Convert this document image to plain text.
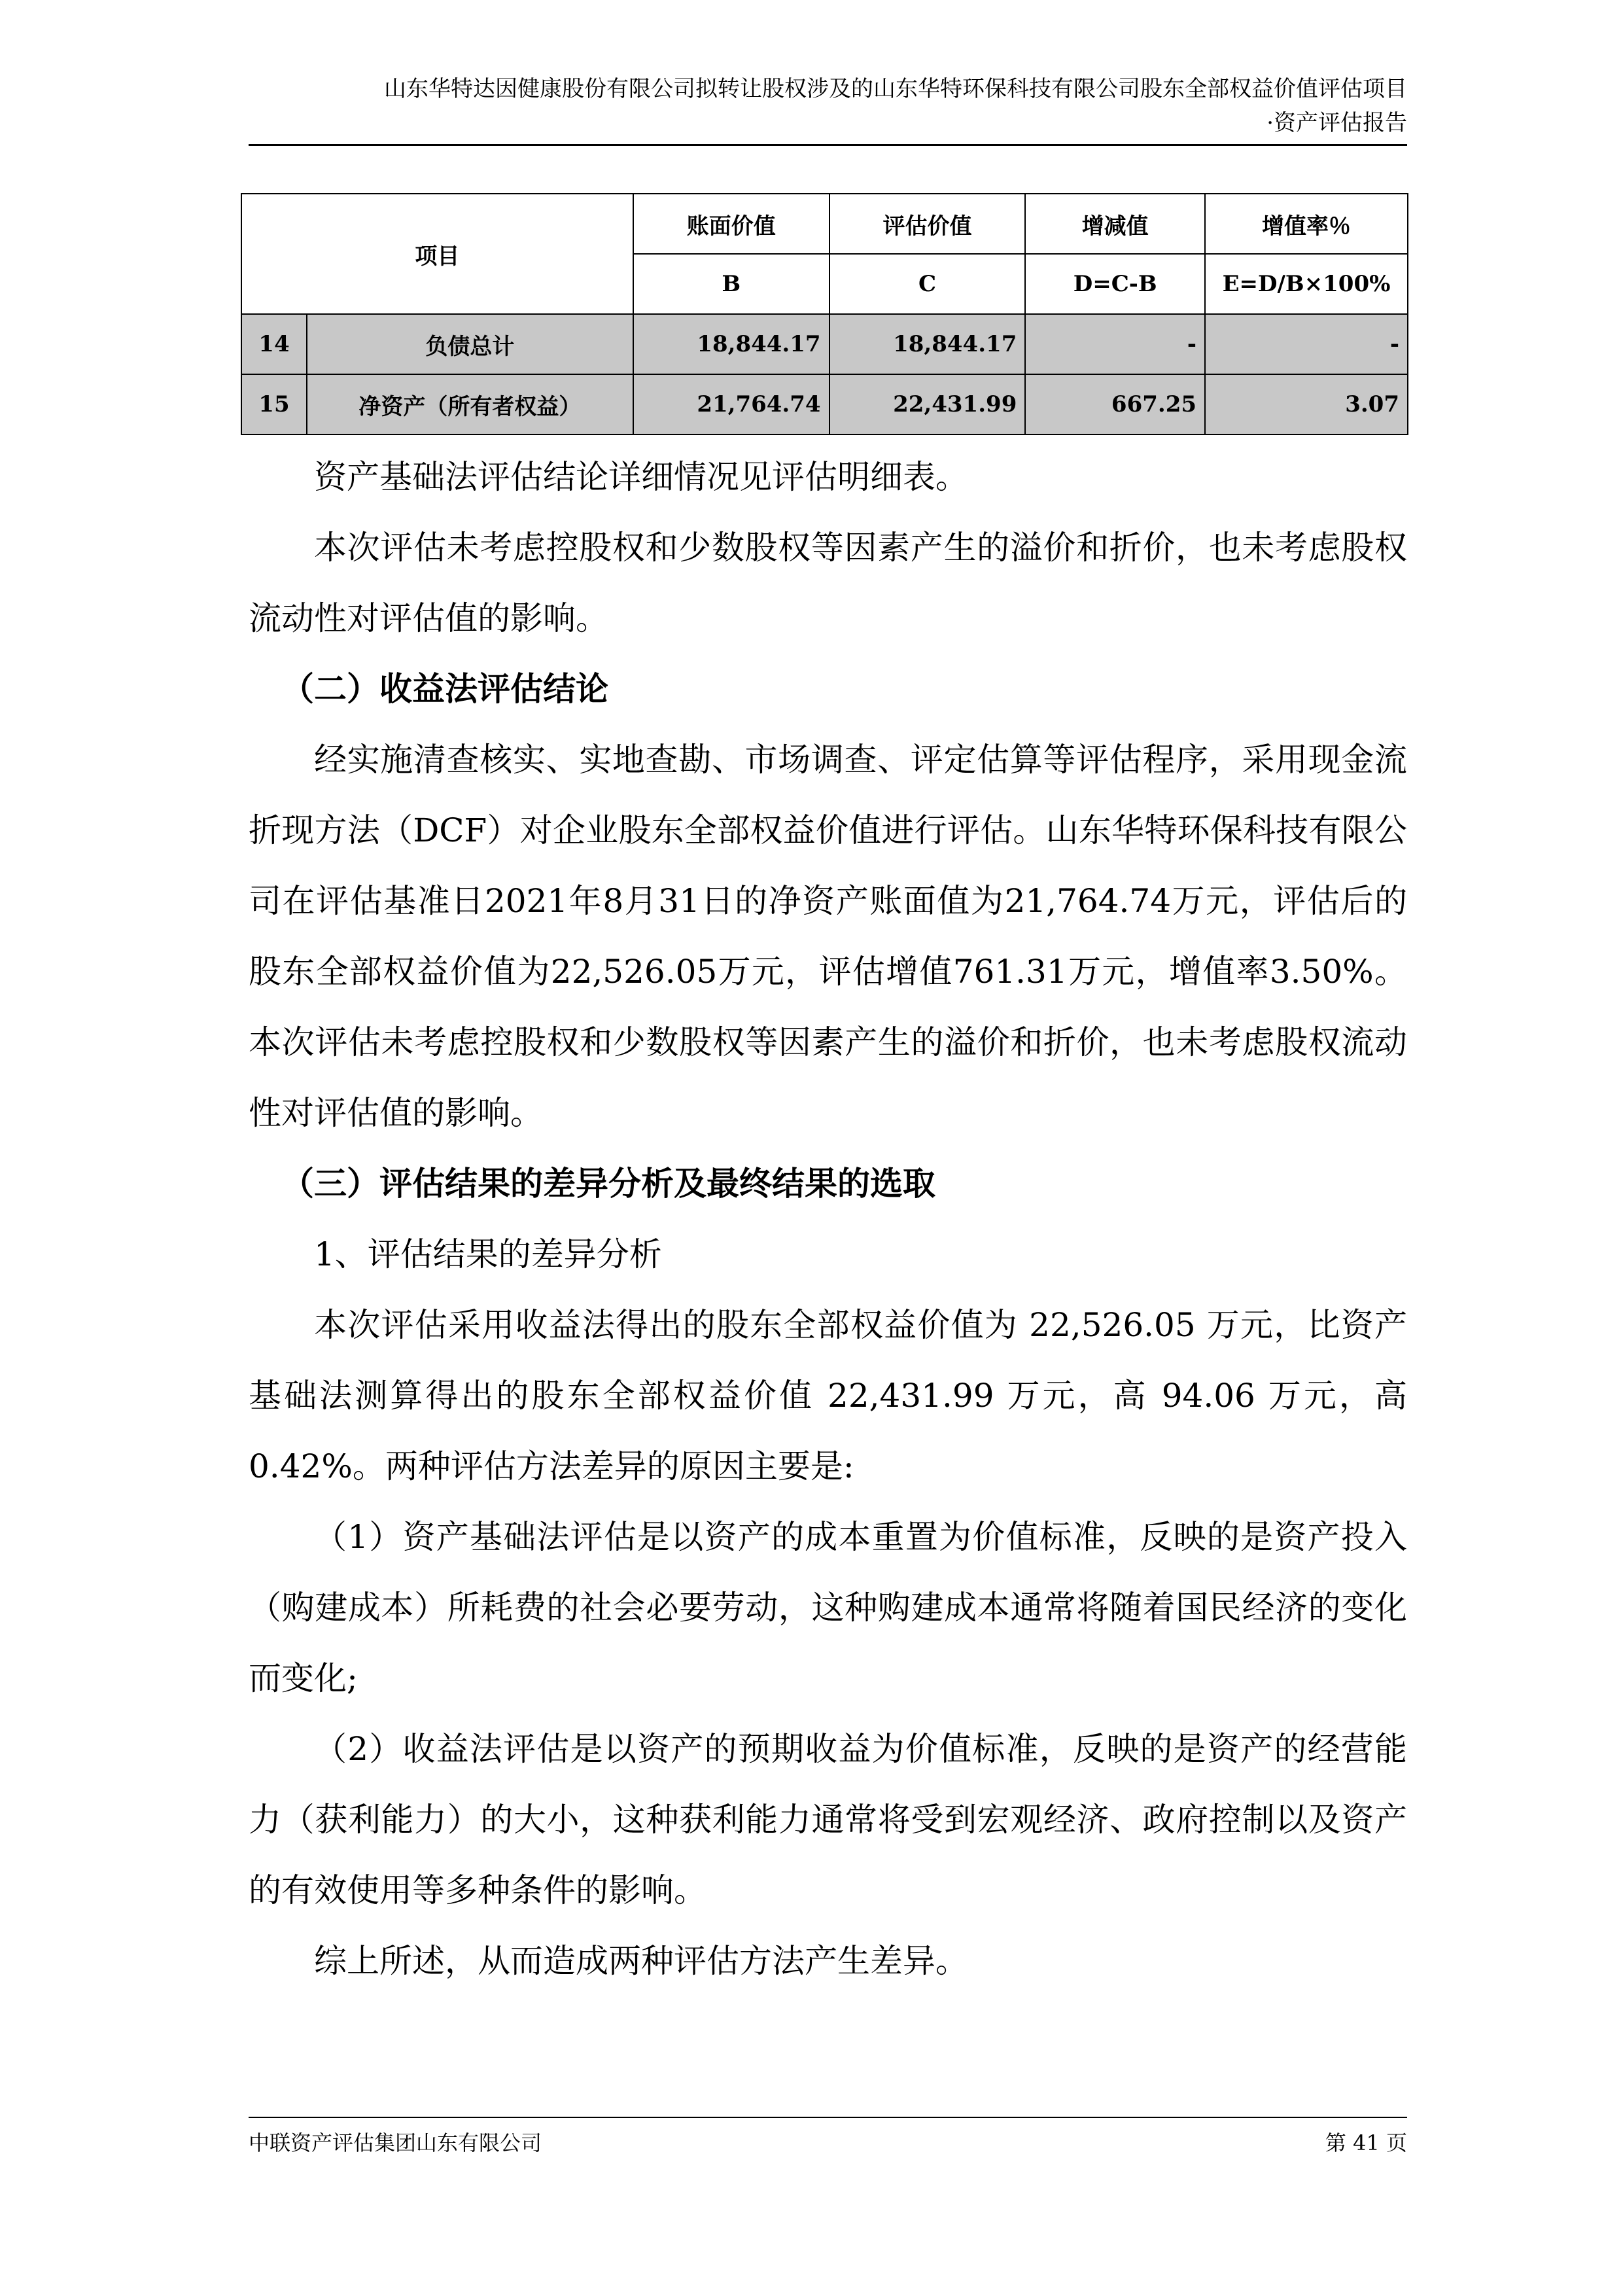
山东华特达因健康股份有限公司拟转让股权涉及的山东华特环保科技有限公司股东全部权益价值评估项目
·资产评估报告
项目		账面价值	评估价值	增减值	增值率％
		B	C	D=C-B	E=D/B×100%
14	负债总计	18,844.17	18,844.17	-	-
15	净资产（所有者权益）	21,764.74	22,431.99	667.25	3.07

资产基础法评估结论详细情况见评估明细表。

本次评估未考虑控股权和少数股权等因素产生的溢价和折价，也未考虑股权流动性对评估值的影响。

（二）收益法评估结论

经实施清查核实、实地查勘、市场调查、评定估算等评估程序，采用现金流折现方法（DCF）对企业股东全部权益价值进行评估。山东华特环保科技有限公司在评估基准日2021年8月31日的净资产账面值为21,764.74万元，评估后的股东全部权益价值为22,526.05万元，评估增值761.31万元，增值率3.50%。本次评估未考虑控股权和少数股权等因素产生的溢价和折价，也未考虑股权流动性对评估值的影响。

（三）评估结果的差异分析及最终结果的选取

1、评估结果的差异分析

本次评估采用收益法得出的股东全部权益价值为 22,526.05 万元，比资产基础法测算得出的股东全部权益价值 22,431.99 万元，高 94.06 万元，高 0.42%。两种评估方法差异的原因主要是:

（1）资产基础法评估是以资产的成本重置为价值标准，反映的是资产投入（购建成本）所耗费的社会必要劳动，这种购建成本通常将随着国民经济的变化而变化;

（2）收益法评估是以资产的预期收益为价值标准，反映的是资产的经营能力（获利能力）的大小，这种获利能力通常将受到宏观经济、政府控制以及资产的有效使用等多种条件的影响。

综上所述，从而造成两种评估方法产生差异。

中联资产评估集团山东有限公司	第 41 页
